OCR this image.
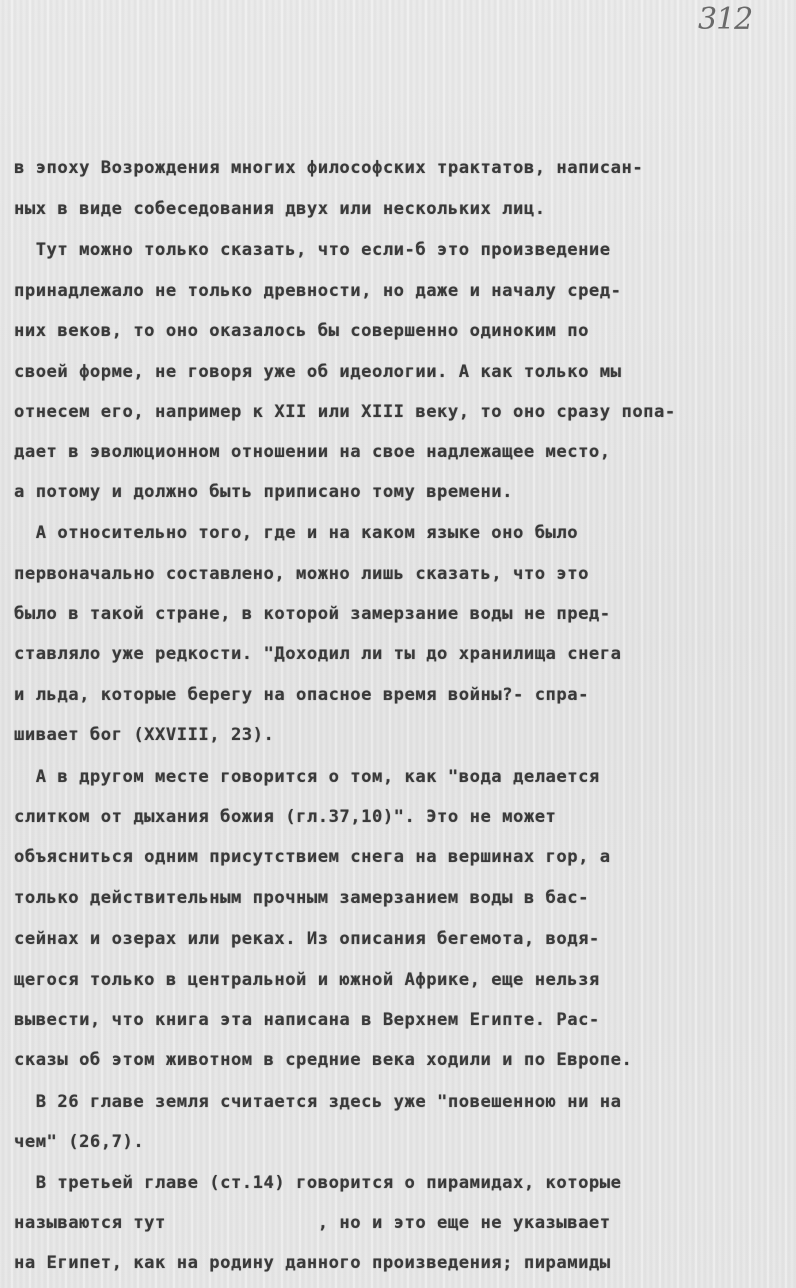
312
в эпоху Возрождения многих философских трактатов, написан-
ных в виде собеседования двух или нескольких лиц.
Тут можно только сказать, что если-б это произведение
принадлежало не только древности, но даже и началу сред-
них веков, то оно оказалось бы совершенно одиноким по
своей форме, не говоря уже об идеологии. А как только мы
отнесем его, например к XII или XIII веку, то оно сразу попа-
дает в эволюционном отношении на свое надлежащее место,
а потому и должно быть приписано тому времени.
А относительно того, где и на каком языке оно было
первоначально составлено, можно лишь сказать, что это
было в такой стране, в которой замерзание воды не пред-
ставляло уже редкости. "Доходил ли ты до хранилища снега
и льда, которые берегу на опасное время войны?- спра-
шивает бог (XXVIII, 23).
А в другом месте говорится о том, как "вода делается
слитком от дыхания божия (гл.37,10)". Это не может
объясниться одним присутствием снега на вершинах гор, а
только действительным прочным замерзанием воды в бас-
сейнах и озерах или реках. Из описания бегемота, водя-
щегося только в центральной и южной Африке, еще нельзя
вывести, что книга эта написана в Верхнем Египте. Рас-
сказы об этом животном в средние века ходили и по Европе.
В 26 главе земля считается здесь уже "повешенною ни на
чем" (26,7).
В третьей главе (ст.14) говорится о пирамидах, которые
называются тут              , но и это еще не указывает
на Египет, как на родину данного произведения; пирамиды
